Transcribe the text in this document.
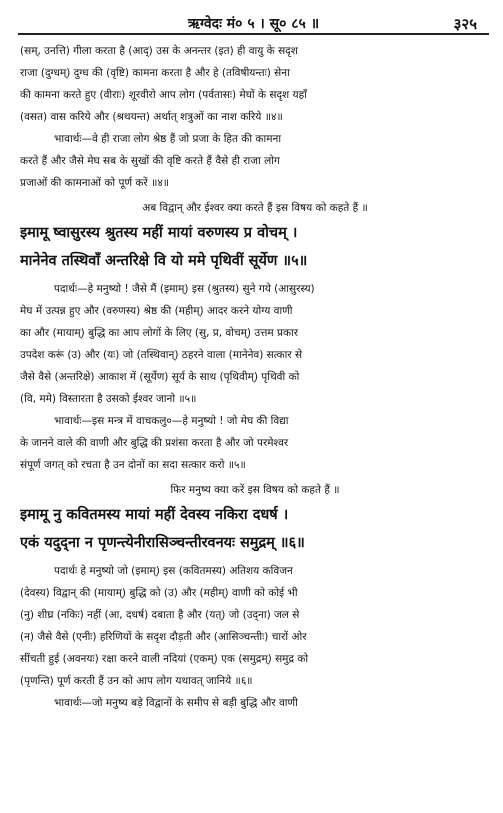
ऋग्वेदः मं० ५ । सू० ८५ ॥	३२५
(सम्, उनत्ति) गीला करता है (आद्) उस के अनन्तर (इत) ही वायु के सदृश
राजा (दुग्धम्) दुग्ध की (वृष्टि) कामना करता है और हे (तविषीयन्तः) सेना
की कामना करते हुए (वीराः) शूरवीरो आप लोग (पर्वतासः) मेघों के सदृश यहाँ
(वसत) वास करिये और (श्रथयन्त) अर्थात् शत्रुओं का नाश करिये ॥४॥
भावार्थः—वे ही राजा लोग श्रेष्ठ हैं जो प्रजा के हित की कामना
करते हैं और जैसे मेघ सब के सुखों की वृष्टि करते हैं वैसे ही राजा लोग
प्रजाओं की कामनाओं को पूर्ण करें ॥४॥
अब विद्वान् और ईश्वर क्या करते हैं इस विषय को कहते हैं ॥
इमामू ष्वासुरस्य श्रुतस्य महीं मायां वरुणस्य प्र वोचम् ।
मानेनेव तस्थिवाँ अन्तरिक्षे वि यो ममे पृथिवीं सूर्येण ॥५॥
पदार्थः—हे मनुष्यो ! जैसे मैं (इमाम्) इस (श्रुतस्य) सुने गये (आसुरस्य)
मेघ में उत्पन्न हुए और (वरुणस्य) श्रेष्ठ की (महीम्) आदर करने योग्य वाणी
का और (मायाम्) बुद्धि का आप लोगों के लिए (सु, प्र, वोचम्) उत्तम प्रकार
उपदेश करूं (उ) और (यः) जो (तस्थिवान्) ठहरने वाला (मानेनेव) सत्कार से
जैसे वैसे (अन्तरिक्षे) आकाश में (सूर्येण) सूर्य के साथ (पृथिवीम्) पृथिवी को
(वि, ममे) विस्तारता है उसको ईश्वर जानो ॥५॥
भावार्थः—इस मन्त्र में वाचकलु०—हे मनुष्यो ! जो मेघ की विद्या
के जानने वाले की वाणी और बुद्धि की प्रशंसा करता है और जो परमेश्वर
संपूर्ण जगत् को रचता है उन दोनों का सदा सत्कार करो ॥५॥
फिर मनुष्य क्या करें इस विषय को कहते हैं ॥
इमामू नु कवितमस्य मायां महीं देवस्य नकिरा दधर्ष ।
एकं यदुद्ना न पृणन्त्येनीरासिञ्चन्तीरवनयः समुद्रम् ॥६॥
पदार्थः हे मनुष्यो जो (इमाम्) इस (कवितमस्य) अतिशय कविजन
(देवस्य) विद्वान् की (मायाम्) बुद्धि को (उ) और (महीम्) वाणी को कोई भी
(नु) शीघ्र (नकिः) नहीं (आ, दधर्ष) दबाता है और (यत्) जो (उद्ना) जल से
(न) जैसे वैसे (एनीः) हरिणियों के सदृश दौड़ती और (आसिञ्चन्तीः) चारों ओर
सींचती हुई (अवनयः) रक्षा करने वाली नदियां (एकम्) एक (समुद्रम्) समुद्र को
(पृणन्ति) पूर्ण करती हैं उन को आप लोग यथावत् जानिये ॥६॥
भावार्थः—जो मनुष्य बड़े विद्वानों के समीप से बड़ी बुद्धि और वाणी
